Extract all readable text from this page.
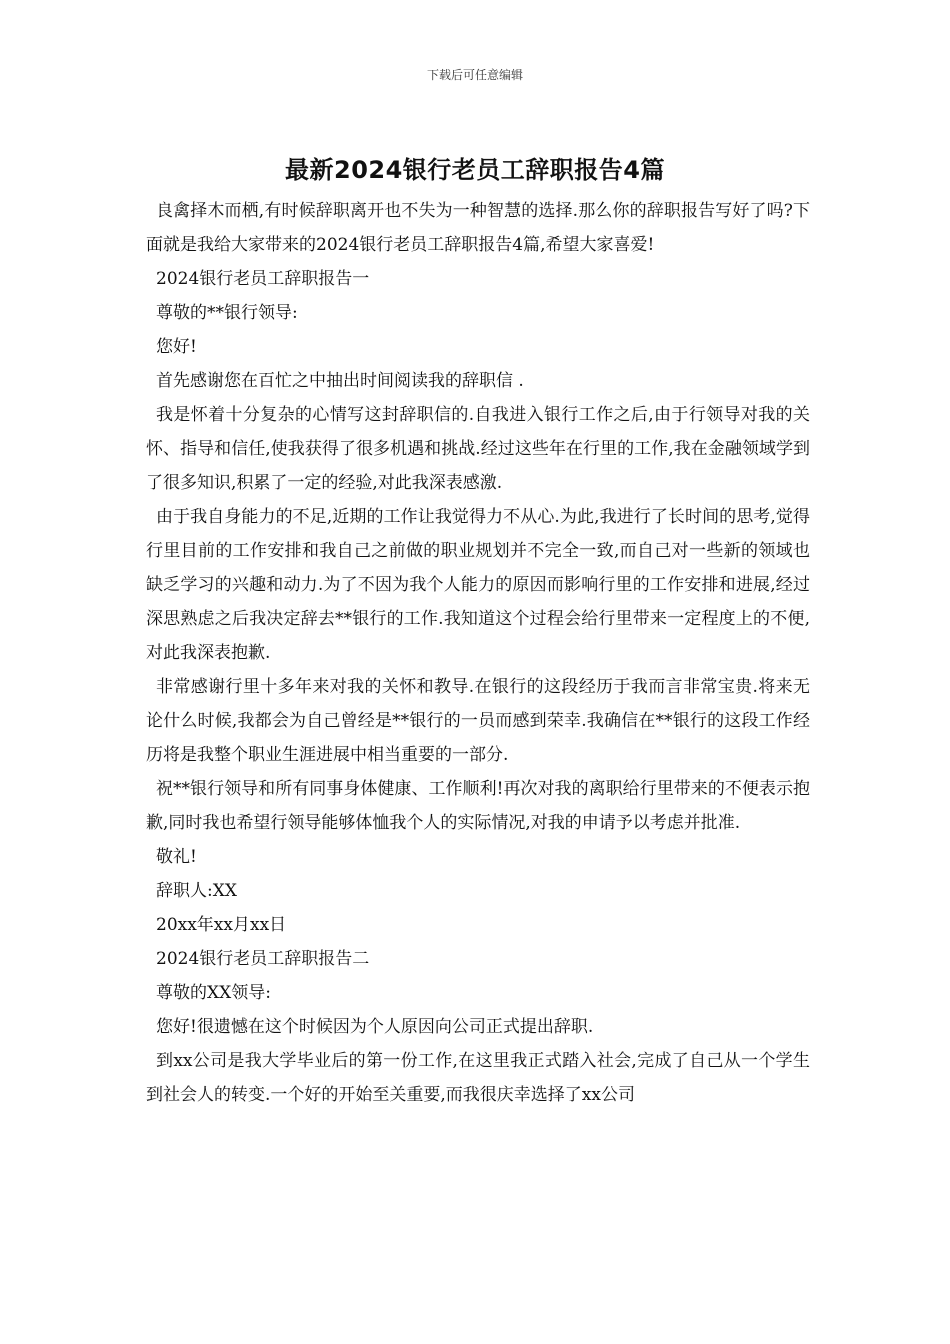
下载后可任意编辑
最新2024银行老员工辞职报告4篇

良禽择木而栖,有时候辞职离开也不失为一种智慧的选择.那么你的辞职报告写好了吗?下面就是我给大家带来的2024银行老员工辞职报告4篇,希望大家喜爱!

2024银行老员工辞职报告一

尊敬的**银行领导:

您好!

首先感谢您在百忙之中抽出时间阅读我的辞职信 .

我是怀着十分复杂的心情写这封辞职信的.自我进入银行工作之后,由于行领导对我的关怀、指导和信任,使我获得了很多机遇和挑战.经过这些年在行里的工作,我在金融领域学到了很多知识,积累了一定的经验,对此我深表感激.

由于我自身能力的不足,近期的工作让我觉得力不从心.为此,我进行了长时间的思考,觉得行里目前的工作安排和我自己之前做的职业规划并不完全一致,而自己对一些新的领域也缺乏学习的兴趣和动力.为了不因为我个人能力的原因而影响行里的工作安排和进展,经过深思熟虑之后我决定辞去**银行的工作.我知道这个过程会给行里带来一定程度上的不便,对此我深表抱歉.

非常感谢行里十多年来对我的关怀和教导.在银行的这段经历于我而言非常宝贵.将来无论什么时候,我都会为自己曾经是**银行的一员而感到荣幸.我确信在**银行的这段工作经历将是我整个职业生涯进展中相当重要的一部分.

祝**银行领导和所有同事身体健康、工作顺利!再次对我的离职给行里带来的不便表示抱歉,同时我也希望行领导能够体恤我个人的实际情况,对我的申请予以考虑并批准.

敬礼!

辞职人:XX

20xx年xx月xx日

2024银行老员工辞职报告二

尊敬的XX领导:

您好!很遗憾在这个时候因为个人原因向公司正式提出辞职.

到xx公司是我大学毕业后的第一份工作,在这里我正式踏入社会,完成了自己从一个学生到社会人的转变.一个好的开始至关重要,而我很庆幸选择了xx公司
